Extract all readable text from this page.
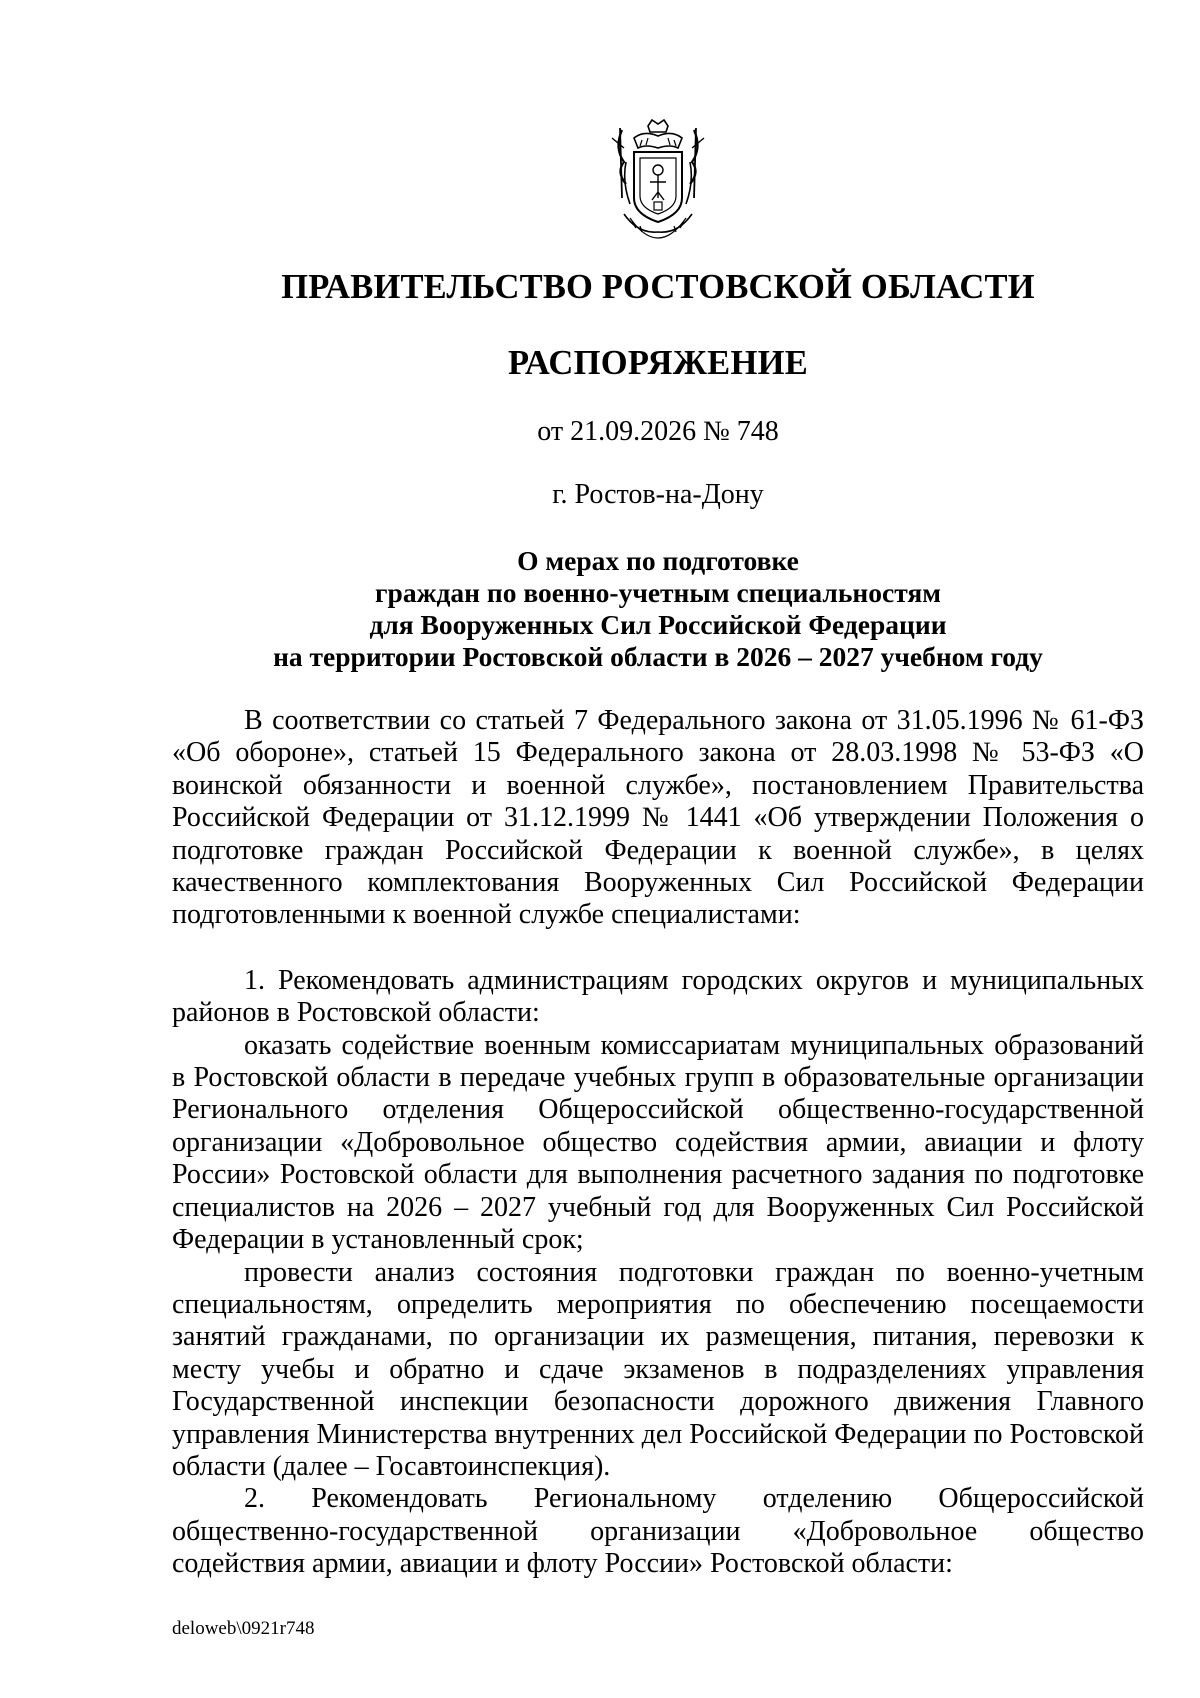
ПРАВИТЕЛЬСТВО РОСТОВСКОЙ ОБЛАСТИ
РАСПОРЯЖЕНИЕ
от 21.09.2026 № 748
г. Ростов-на-Дону
О мерах по подготовке
граждан по военно-учетным специальностям
для Вооруженных Сил Российской Федерации
на территории Ростовской области в 2026 – 2027 учебном году

В соответствии со статьей 7 Федерального закона от 31.05.1996 № 61-ФЗ «Об обороне», статьей 15 Федерального закона от 28.03.1998 № 53-ФЗ «О воинской обязанности и военной службе», постановлением Правительства Российской Федерации от 31.12.1999 № 1441 «Об утверждении Положения о подготовке граждан Российской Федерации к военной службе», в целях качественного комплектования Вооруженных Сил Российской Федерации подготовленными к военной службе специалистами:

1. Рекомендовать администрациям городских округов и муниципальных районов в Ростовской области:

оказать содействие военным комиссариатам муниципальных образований в Ростовской области в передаче учебных групп в образовательные организации Регионального отделения Общероссийской общественно-государственной организации «Добровольное общество содействия армии, авиации и флоту России» Ростовской области для выполнения расчетного задания по подготовке специалистов на 2026 – 2027 учебный год для Вооруженных Сил Российской Федерации в установленный срок;

провести анализ состояния подготовки граждан по военно-учетным специальностям, определить мероприятия по обеспечению посещаемости занятий гражданами, по организации их размещения, питания, перевозки к месту учебы и обратно и сдаче экзаменов в подразделениях управления Государственной инспекции безопасности дорожного движения Главного управления Министерства внутренних дел Российской Федерации по Ростовской области (далее – Госавтоинспекция).

2. Рекомендовать Региональному отделению Общероссийской общественно-государственной организации «Добровольное общество содействия армии, авиации и флоту России» Ростовской области:

deloweb\0921r748
